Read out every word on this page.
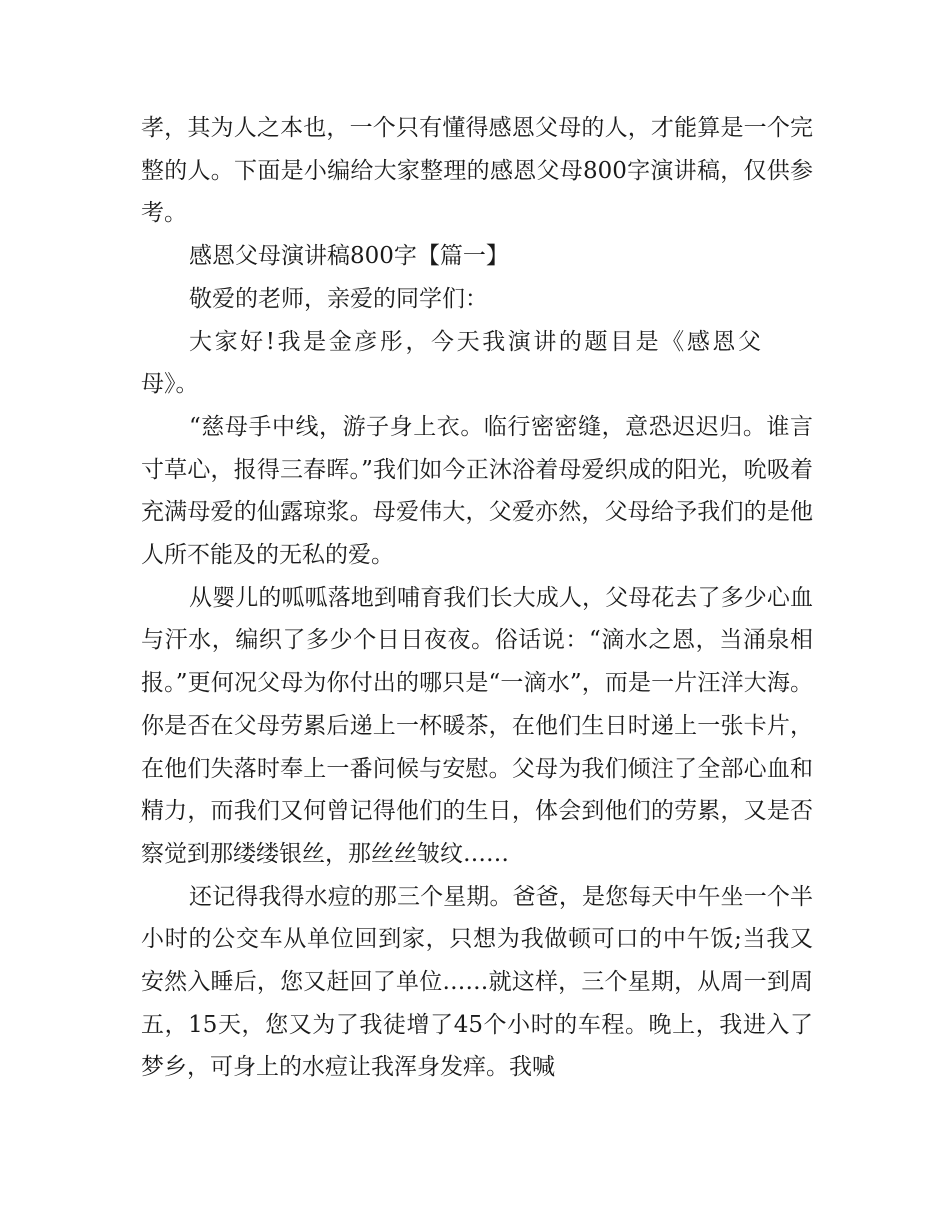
孝，其为人之本也，一个只有懂得感恩父母的人，才能算是一个完整的人。下面是小编给大家整理的感恩父母800字演讲稿，仅供参考。

感恩父母演讲稿800字【篇一】

敬爱的老师，亲爱的同学们：

大家好!我是金彦彤，今天我演讲的题目是《感恩父母》。

“慈母手中线，游子身上衣。临行密密缝，意恐迟迟归。谁言寸草心，报得三春晖。”我们如今正沐浴着母爱织成的阳光，吮吸着充满母爱的仙露琼浆。母爱伟大，父爱亦然，父母给予我们的是他人所不能及的无私的爱。

从婴儿的呱呱落地到哺育我们长大成人，父母花去了多少心血与汗水，编织了多少个日日夜夜。俗话说：“滴水之恩，当涌泉相报。”更何况父母为你付出的哪只是“一滴水”，而是一片汪洋大海。你是否在父母劳累后递上一杯暖茶，在他们生日时递上一张卡片，在他们失落时奉上一番问候与安慰。父母为我们倾注了全部心血和精力，而我们又何曾记得他们的生日，体会到他们的劳累，又是否察觉到那缕缕银丝，那丝丝皱纹……

还记得我得水痘的那三个星期。爸爸，是您每天中午坐一个半小时的公交车从单位回到家，只想为我做顿可口的中午饭;当我又安然入睡后，您又赶回了单位……就这样，三个星期，从周一到周五，15天，您又为了我徒增了45个小时的车程。晚上，我进入了梦乡，可身上的水痘让我浑身发痒。我喊
